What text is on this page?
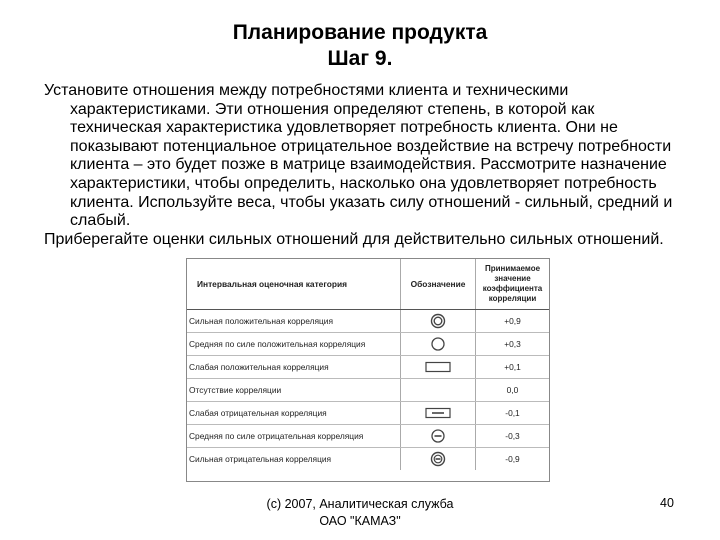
Планирование продукта
Шаг 9.

Установите отношения между потребностями клиента и техническими характеристиками. Эти отношения определяют степень, в которой как техническая характеристика удовлетворяет потребность клиента. Они не показывают потенциальное отрицательное воздействие на встречу потребности клиента – это будет позже в матрице взаимодействия. Рассмотрите назначение характеристики, чтобы определить, насколько она удовлетворяет потребность клиента. Используйте веса, чтобы указать силу отношений - сильный, средний и слабый.

Приберегайте оценки сильных отношений для действительно сильных отношений.

Интервальная оценочная категория	Обозначение	Принимаемое значение коэффициента корреляции
Сильная положительная корреляция		+0,9
Средняя по силе положительная корреляция		+0,3
Слабая положительная корреляция		+0,1
Отсутствие корреляции		0,0
Слабая отрицательная корреляция		-0,1
Средняя по силе отрицательная корреляция		-0,3
Сильная отрицательная корреляция		-0,9
(c) 2007, Аналитическая служба
ОАО "КАМАЗ"
40
